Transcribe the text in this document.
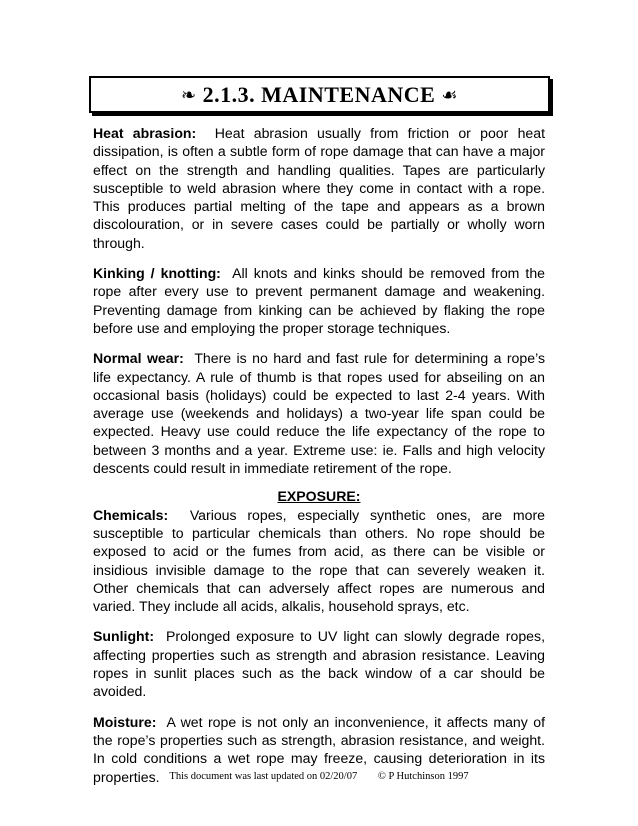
❧ 2.1.3. MAINTENANCE ☙

Heat abrasion: Heat abrasion usually from friction or poor heat dissipation, is often a subtle form of rope damage that can have a major effect on the strength and handling qualities. Tapes are particularly susceptible to weld abrasion where they come in contact with a rope. This produces partial melting of the tape and appears as a brown discolouration, or in severe cases could be partially or wholly worn through.

Kinking / knotting: All knots and kinks should be removed from the rope after every use to prevent permanent damage and weakening. Preventing damage from kinking can be achieved by flaking the rope before use and employing the proper storage techniques.

Normal wear: There is no hard and fast rule for determining a rope’s life expectancy. A rule of thumb is that ropes used for abseiling on an occasional basis (holidays) could be expected to last 2-4 years. With average use (weekends and holidays) a two-year life span could be expected. Heavy use could reduce the life expectancy of the rope to between 3 months and a year. Extreme use: ie. Falls and high velocity descents could result in immediate retirement of the rope.

EXPOSURE:

Chemicals: Various ropes, especially synthetic ones, are more susceptible to particular chemicals than others. No rope should be exposed to acid or the fumes from acid, as there can be visible or insidious invisible damage to the rope that can severely weaken it. Other chemicals that can adversely affect ropes are numerous and varied. They include all acids, alkalis, household sprays, etc.

Sunlight: Prolonged exposure to UV light can slowly degrade ropes, affecting properties such as strength and abrasion resistance. Leaving ropes in sunlit places such as the back window of a car should be avoided.

Moisture: A wet rope is not only an inconvenience, it affects many of the rope’s properties such as strength, abrasion resistance, and weight. In cold conditions a wet rope may freeze, causing deterioration in its properties. This document was last updated on 02/20/07 © P Hutchinson 1997
